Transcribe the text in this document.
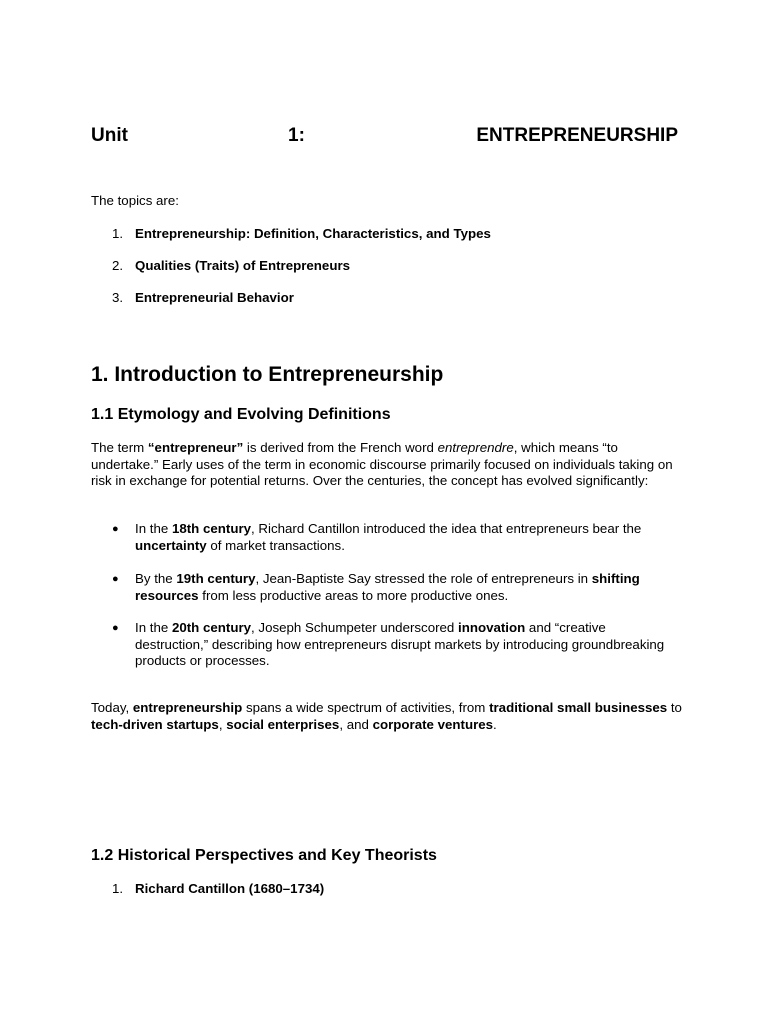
Unit	1:	ENTREPRENEURSHIP
The topics are:
1. Entrepreneurship: Definition, Characteristics, and Types
2. Qualities (Traits) of Entrepreneurs
3. Entrepreneurial Behavior
1. Introduction to Entrepreneurship
1.1 Etymology and Evolving Definitions
The term “entrepreneur” is derived from the French word entreprendre, which means “to undertake.” Early uses of the term in economic discourse primarily focused on individuals taking on risk in exchange for potential returns. Over the centuries, the concept has evolved significantly:
● In the 18th century, Richard Cantillon introduced the idea that entrepreneurs bear the uncertainty of market transactions.
● By the 19th century, Jean-Baptiste Say stressed the role of entrepreneurs in shifting resources from less productive areas to more productive ones.
● In the 20th century, Joseph Schumpeter underscored innovation and “creative destruction,” describing how entrepreneurs disrupt markets by introducing groundbreaking products or processes.
Today, entrepreneurship spans a wide spectrum of activities, from traditional small businesses to tech-driven startups, social enterprises, and corporate ventures.
1.2 Historical Perspectives and Key Theorists
1. Richard Cantillon (1680–1734)
